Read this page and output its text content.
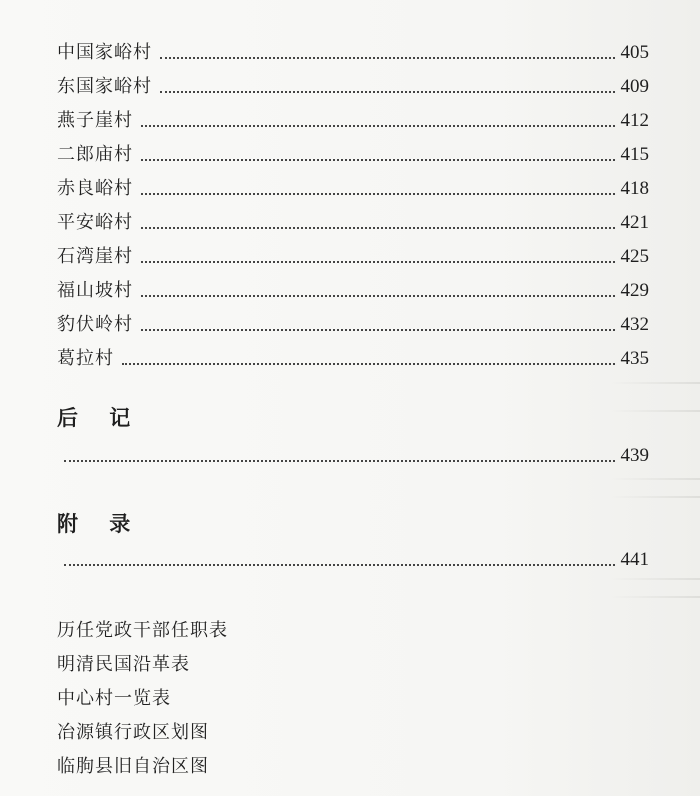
中国家峪村	405
东国家峪村	409
燕子崖村	412
二郎庙村	415
赤良峪村	418
平安峪村	421
石湾崖村	425
福山坡村	429
豹伏岭村	432
葛拉村	435
后 记
439
附 录
441
历任党政干部任职表
明清民国沿革表
中心村一览表
冶源镇行政区划图
临朐县旧自治区图
